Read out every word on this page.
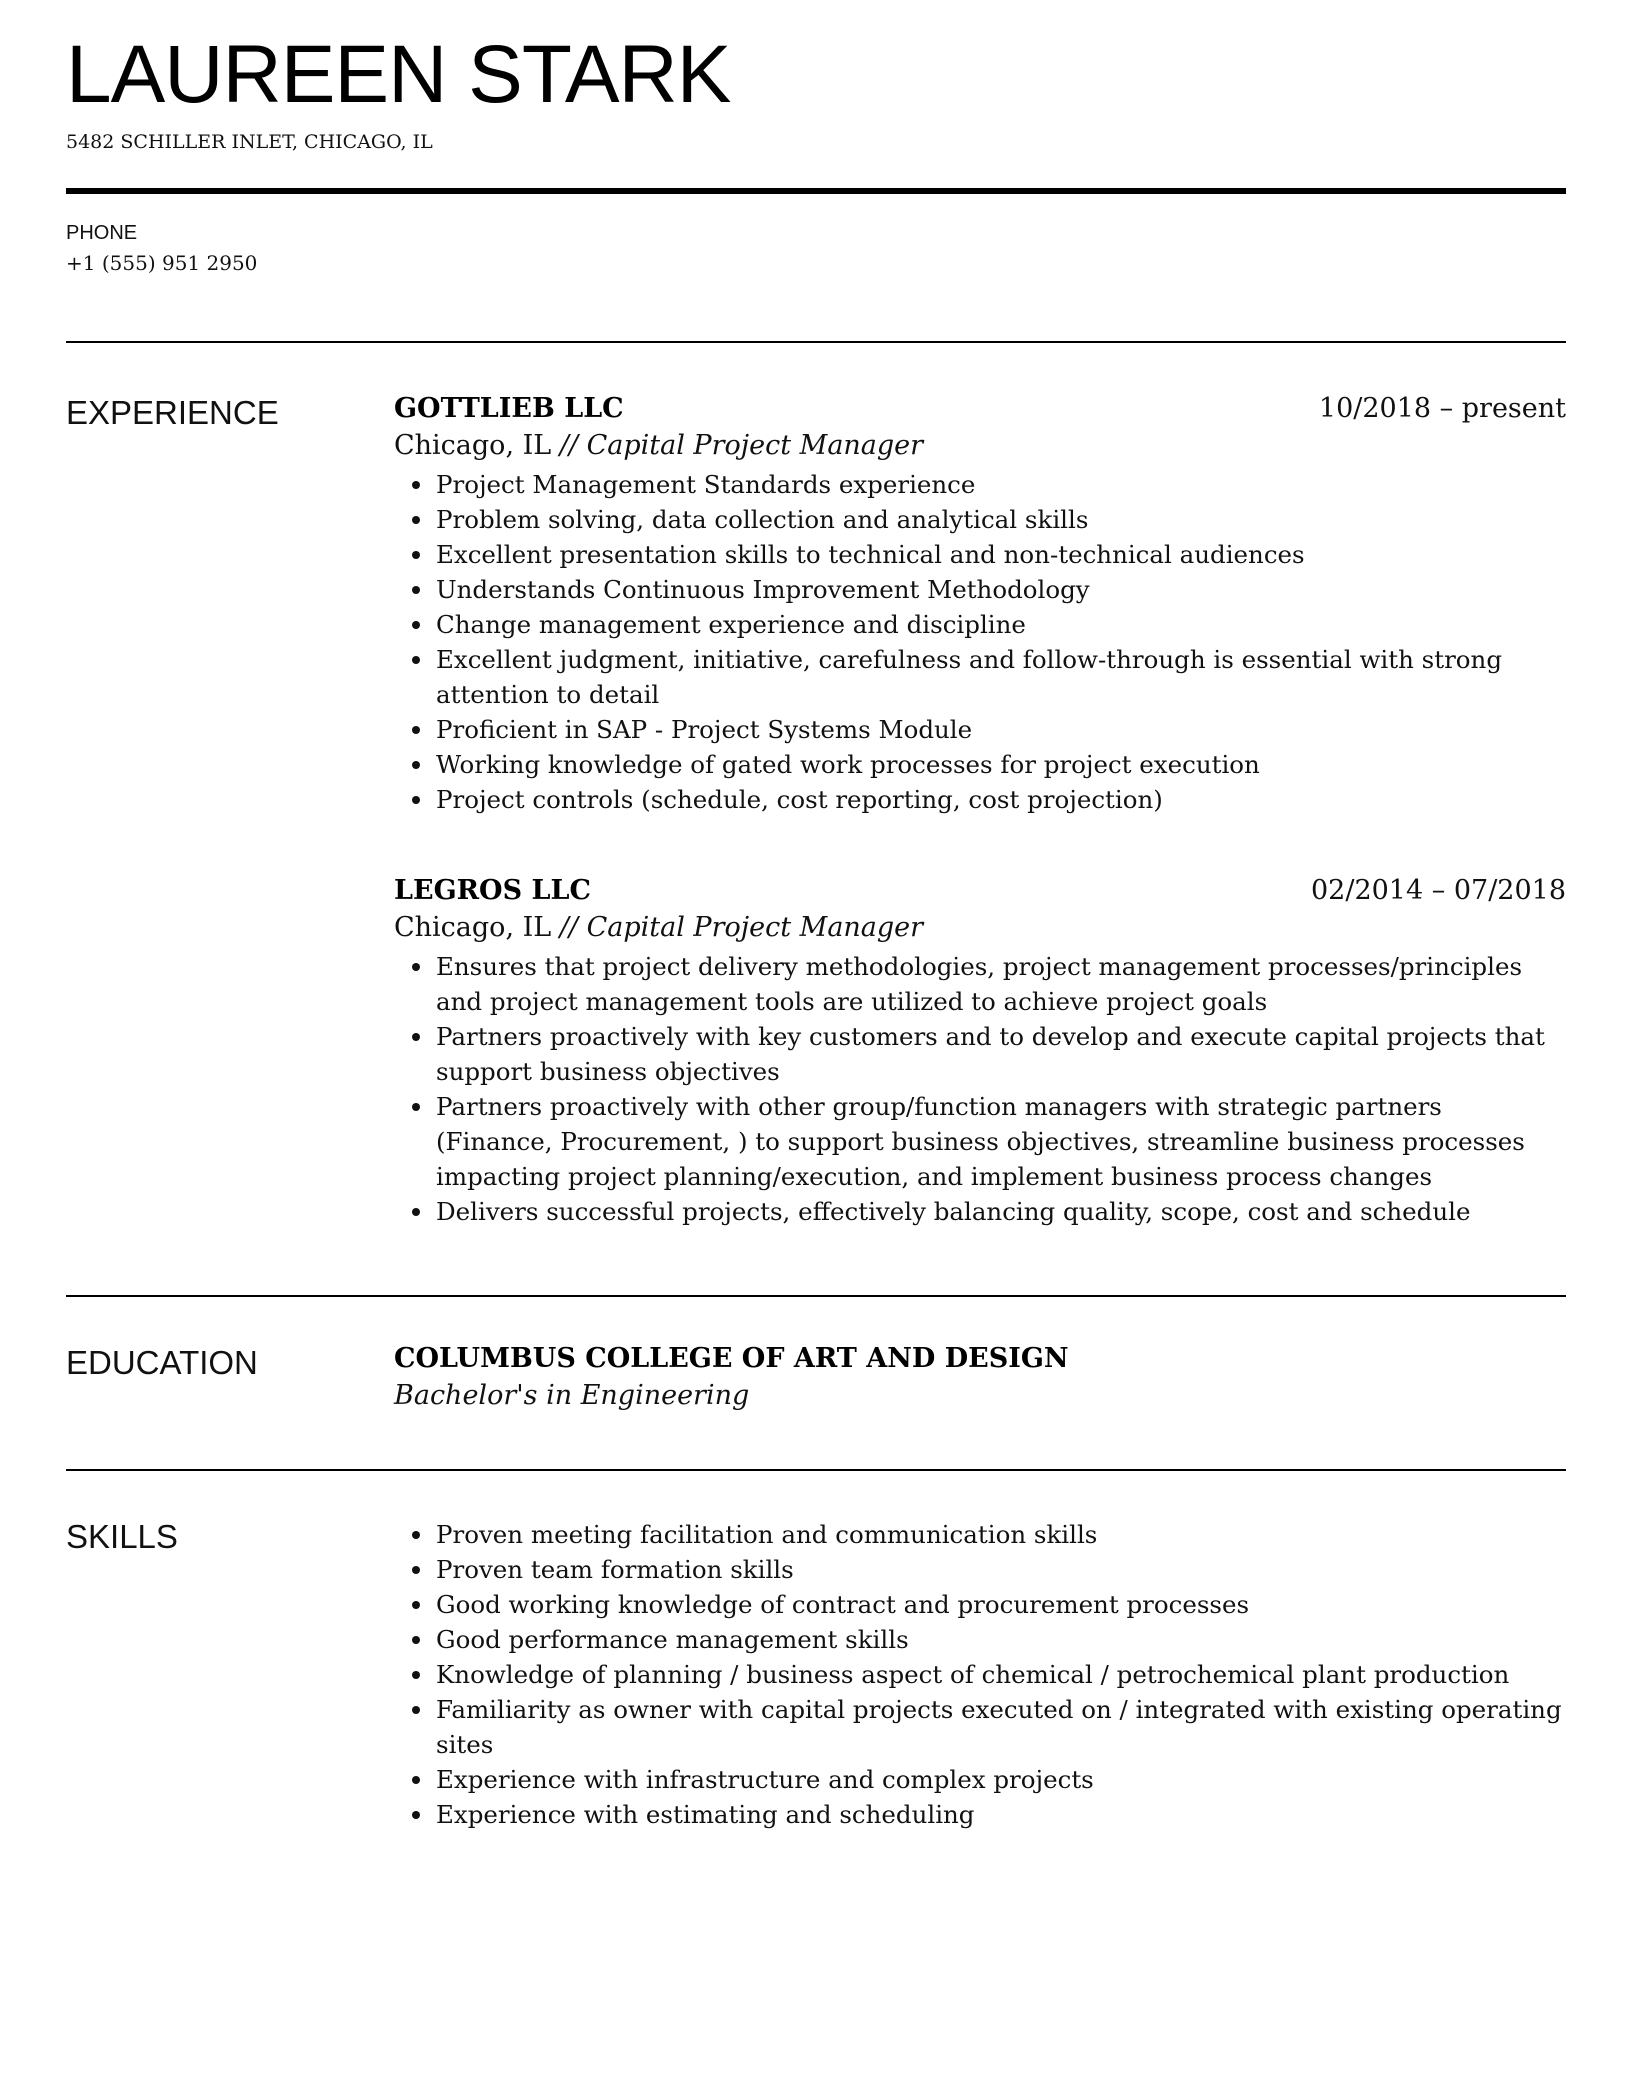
LAUREEN STARK
5482 SCHILLER INLET, CHICAGO, IL
PHONE
+1 (555) 951 2950
EXPERIENCE	GOTTLIEB LLC	10/2018 – present
Chicago, IL // Capital Project Manager
Project Management Standards experience
Problem solving, data collection and analytical skills
Excellent presentation skills to technical and non-technical audiences
Understands Continuous Improvement Methodology
Change management experience and discipline
Excellent judgment, initiative, carefulness and follow-through is essential with strong attention to detail
Proficient in SAP - Project Systems Module
Working knowledge of gated work processes for project execution
Project controls (schedule, cost reporting, cost projection)
LEGROS LLC	02/2014 – 07/2018
Chicago, IL // Capital Project Manager
Ensures that project delivery methodologies, project management processes/principles and project management tools are utilized to achieve project goals
Partners proactively with key customers and to develop and execute capital projects that support business objectives
Partners proactively with other group/function managers with strategic partners (Finance, Procurement, ) to support business objectives, streamline business processes impacting project planning/execution, and implement business process changes
Delivers successful projects, effectively balancing quality, scope, cost and schedule
EDUCATION	COLUMBUS COLLEGE OF ART AND DESIGN
Bachelor's in Engineering
SKILLS	Proven meeting facilitation and communication skills
Proven team formation skills
Good working knowledge of contract and procurement processes
Good performance management skills
Knowledge of planning / business aspect of chemical / petrochemical plant production
Familiarity as owner with capital projects executed on / integrated with existing operating sites
Experience with infrastructure and complex projects
Experience with estimating and scheduling
